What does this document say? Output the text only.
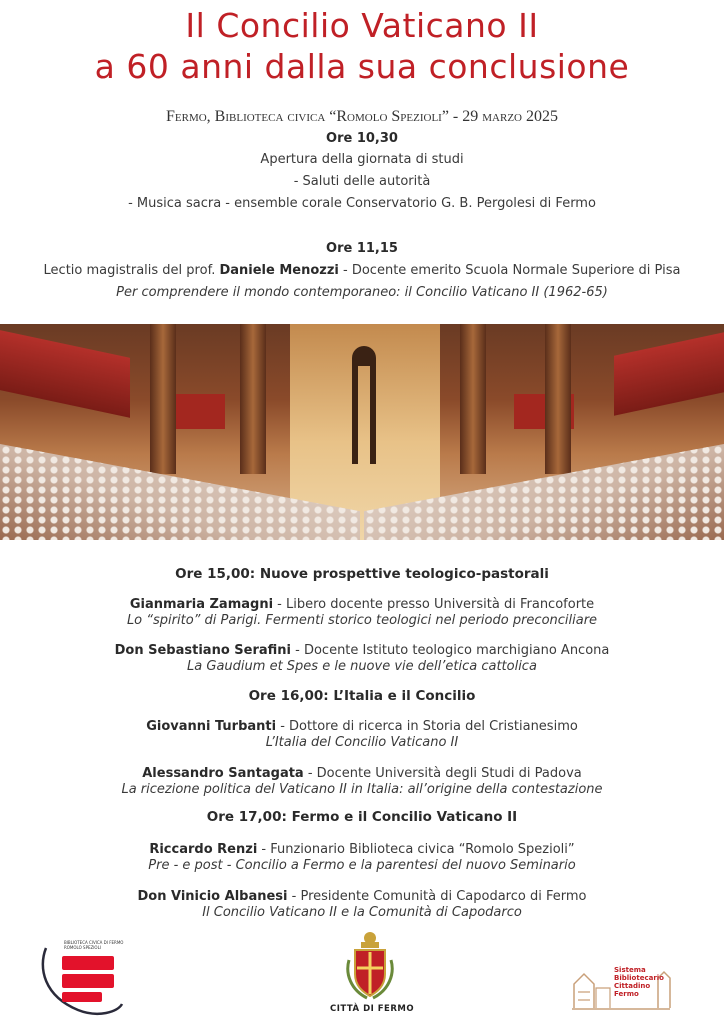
Il Concilio Vaticano II
a 60 anni dalla sua conclusione
Fermo, Biblioteca civica “Romolo Spezioli” - 29 marzo 2025
Ore 10,30
Apertura della giornata di studi
- Saluti delle autorità
- Musica sacra - ensemble corale Conservatorio G. B. Pergolesi di Fermo
Ore 11,15
Lectio magistralis del prof. Daniele Menozzi - Docente emerito Scuola Normale Superiore di Pisa
Per comprendere il mondo contemporaneo: il Concilio Vaticano II (1962-65)
Ore 15,00: Nuove prospettive teologico-pastorali
Gianmaria Zamagni - Libero docente presso Università di Francoforte
Lo “spirito” di Parigi. Fermenti storico teologici nel periodo preconciliare
Don Sebastiano Serafini - Docente Istituto teologico marchigiano Ancona
La Gaudium et Spes e le nuove vie dell’etica cattolica
Ore 16,00: L’Italia e il Concilio
Giovanni Turbanti - Dottore di ricerca in Storia del Cristianesimo
L’Italia del Concilio Vaticano II
Alessandro Santagata - Docente Università degli Studi di Padova
La ricezione politica del Vaticano II in Italia: all’origine della contestazione
Ore 17,00: Fermo e il Concilio Vaticano II
Riccardo Renzi - Funzionario Biblioteca civica “Romolo Spezioli”
Pre - e post - Concilio a Fermo e la parentesi del nuovo Seminario
Don Vinicio Albanesi - Presidente Comunità di Capodarco di Fermo
Il Concilio Vaticano II e la Comunità di Capodarco
BIBLIOTECA CIVICA DI FERMO
ROMOLO SPEZIOLI
CITTÀ DI FERMO
Sistema
Bibliotecario
Cittadino
Fermo
